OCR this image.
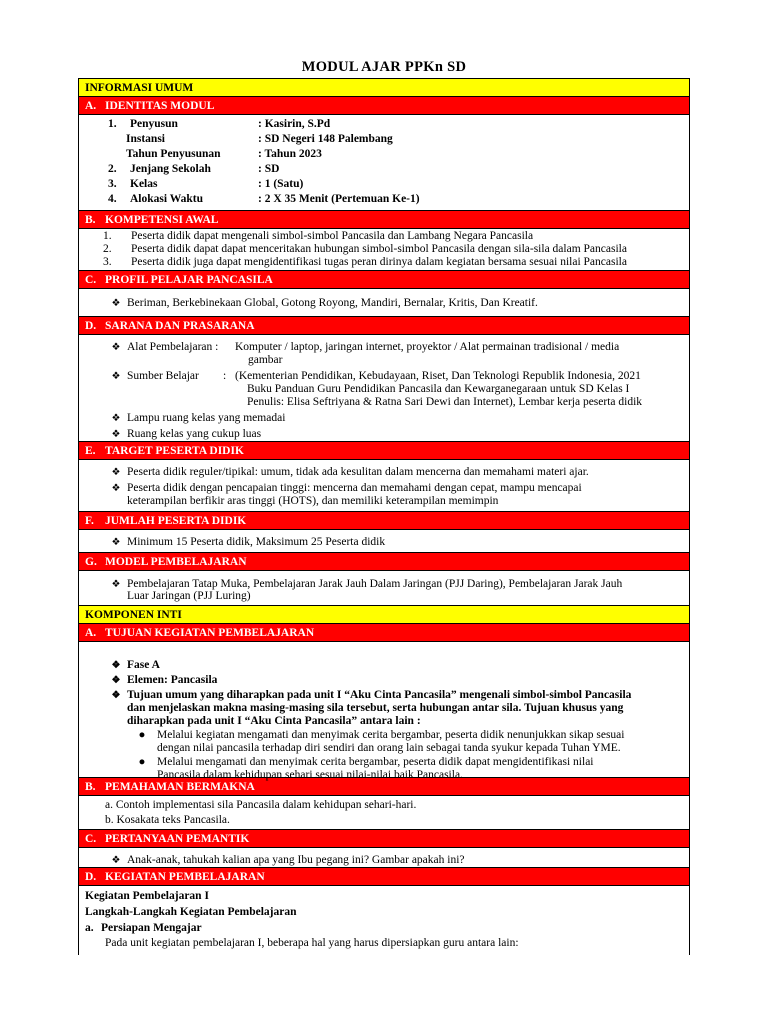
MODUL AJAR PPKn SD
INFORMASI UMUM
A. IDENTITAS MODUL
1. Penyusun	: Kasirin, S.Pd
Instansi	: SD Negeri 148 Palembang
Tahun Penyusunan	: Tahun 2023
2. Jenjang Sekolah	: SD
3. Kelas	: 1 (Satu)
4. Alokasi Waktu	: 2 X 35 Menit (Pertemuan Ke-1)
B. KOMPETENSI AWAL
1. Peserta didik dapat mengenali simbol-simbol Pancasila dan Lambang Negara Pancasila
2. Peserta didik dapat dapat menceritakan hubungan simbol-simbol Pancasila dengan sila-sila dalam Pancasila
3. Peserta didik juga dapat mengidentifikasi tugas peran dirinya dalam kegiatan bersama sesuai nilai Pancasila
C. PROFIL PELAJAR PANCASILA
❖ Beriman, Berkebinekaan Global, Gotong Royong, Mandiri, Bernalar, Kritis, Dan Kreatif.
D. SARANA DAN PRASARANA
❖ Alat Pembelajaran : Komputer / laptop, jaringan internet, proyektor / Alat permainan tradisional / media
gambar
❖ Sumber Belajar : (Kementerian Pendidikan, Kebudayaan, Riset, Dan Teknologi Republik Indonesia, 2021
Buku Panduan Guru Pendidikan Pancasila dan Kewarganegaraan untuk SD Kelas I
Penulis: Elisa Seftriyana & Ratna Sari Dewi dan Internet), Lembar kerja peserta didik
❖ Lampu ruang kelas yang memadai
❖ Ruang kelas yang cukup luas
E. TARGET PESERTA DIDIK
❖ Peserta didik reguler/tipikal: umum, tidak ada kesulitan dalam mencerna dan memahami materi ajar.
❖ Peserta didik dengan pencapaian tinggi: mencerna dan memahami dengan cepat, mampu mencapai
keterampilan berfikir aras tinggi (HOTS), dan memiliki keterampilan memimpin
F. JUMLAH PESERTA DIDIK
❖ Minimum 15 Peserta didik, Maksimum 25 Peserta didik
G. MODEL PEMBELAJARAN
❖ Pembelajaran Tatap Muka, Pembelajaran Jarak Jauh Dalam Jaringan (PJJ Daring), Pembelajaran Jarak Jauh
Luar Jaringan (PJJ Luring)
KOMPONEN INTI
A. TUJUAN KEGIATAN PEMBELAJARAN
❖ Fase A
❖ Elemen: Pancasila
❖ Tujuan umum yang diharapkan pada unit I “Aku Cinta Pancasila” mengenali simbol-simbol Pancasila
dan menjelaskan makna masing-masing sila tersebut, serta hubungan antar sila. Tujuan khusus yang
diharapkan pada unit I “Aku Cinta Pancasila” antara lain :
● Melalui kegiatan mengamati dan menyimak cerita bergambar, peserta didik nenunjukkan sikap sesuai
dengan nilai pancasila terhadap diri sendiri dan orang lain sebagai tanda syukur kepada Tuhan YME.
● Melalui mengamati dan menyimak cerita bergambar, peserta didik dapat mengidentifikasi nilai
Pancasila dalam kehidupan sehari sesuai nilai-nilai baik Pancasila.
B. PEMAHAMAN BERMAKNA
a. Contoh implementasi sila Pancasila dalam kehidupan sehari-hari.
b. Kosakata teks Pancasila.
C. PERTANYAAN PEMANTIK
❖ Anak-anak, tahukah kalian apa yang Ibu pegang ini? Gambar apakah ini?
D. KEGIATAN PEMBELAJARAN
Kegiatan Pembelajaran I
Langkah-Langkah Kegiatan Pembelajaran
a. Persiapan Mengajar
Pada unit kegiatan pembelajaran I, beberapa hal yang harus dipersiapkan guru antara lain:
